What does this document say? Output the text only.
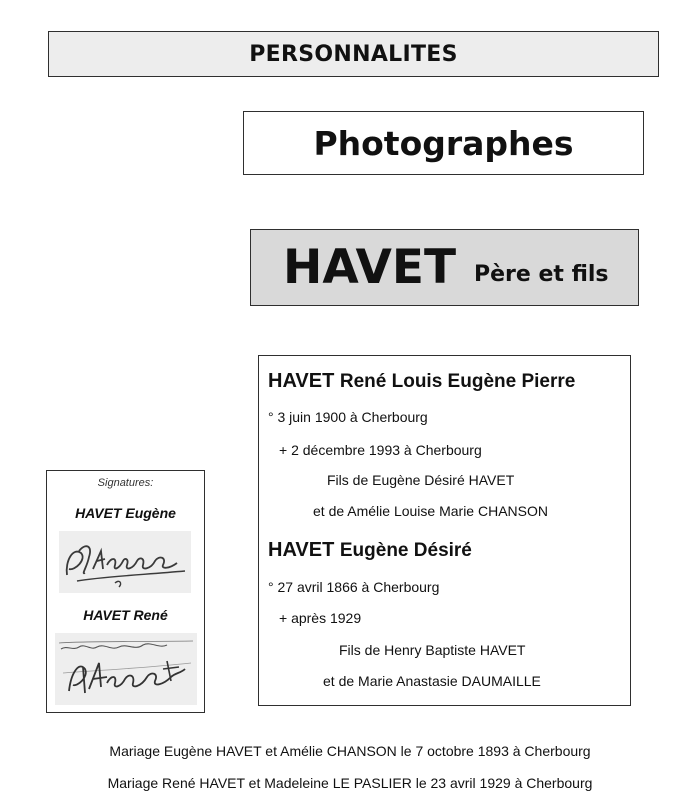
PERSONNALITES
Photographes
HAVET Père et fils
HAVET René Louis Eugène Pierre
° 3 juin 1900 à Cherbourg
+ 2 décembre 1993 à Cherbourg
Fils de Eugène Désiré HAVET
et de Amélie Louise Marie CHANSON
HAVET Eugène Désiré
° 27 avril 1866 à Cherbourg
+ après 1929
Fils de Henry Baptiste HAVET
et de Marie Anastasie DAUMAILLE
Signatures:
HAVET Eugène
HAVET René
Mariage Eugène HAVET et Amélie CHANSON le 7 octobre 1893 à Cherbourg
Mariage René HAVET et Madeleine LE PASLIER le 23 avril 1929 à Cherbourg
